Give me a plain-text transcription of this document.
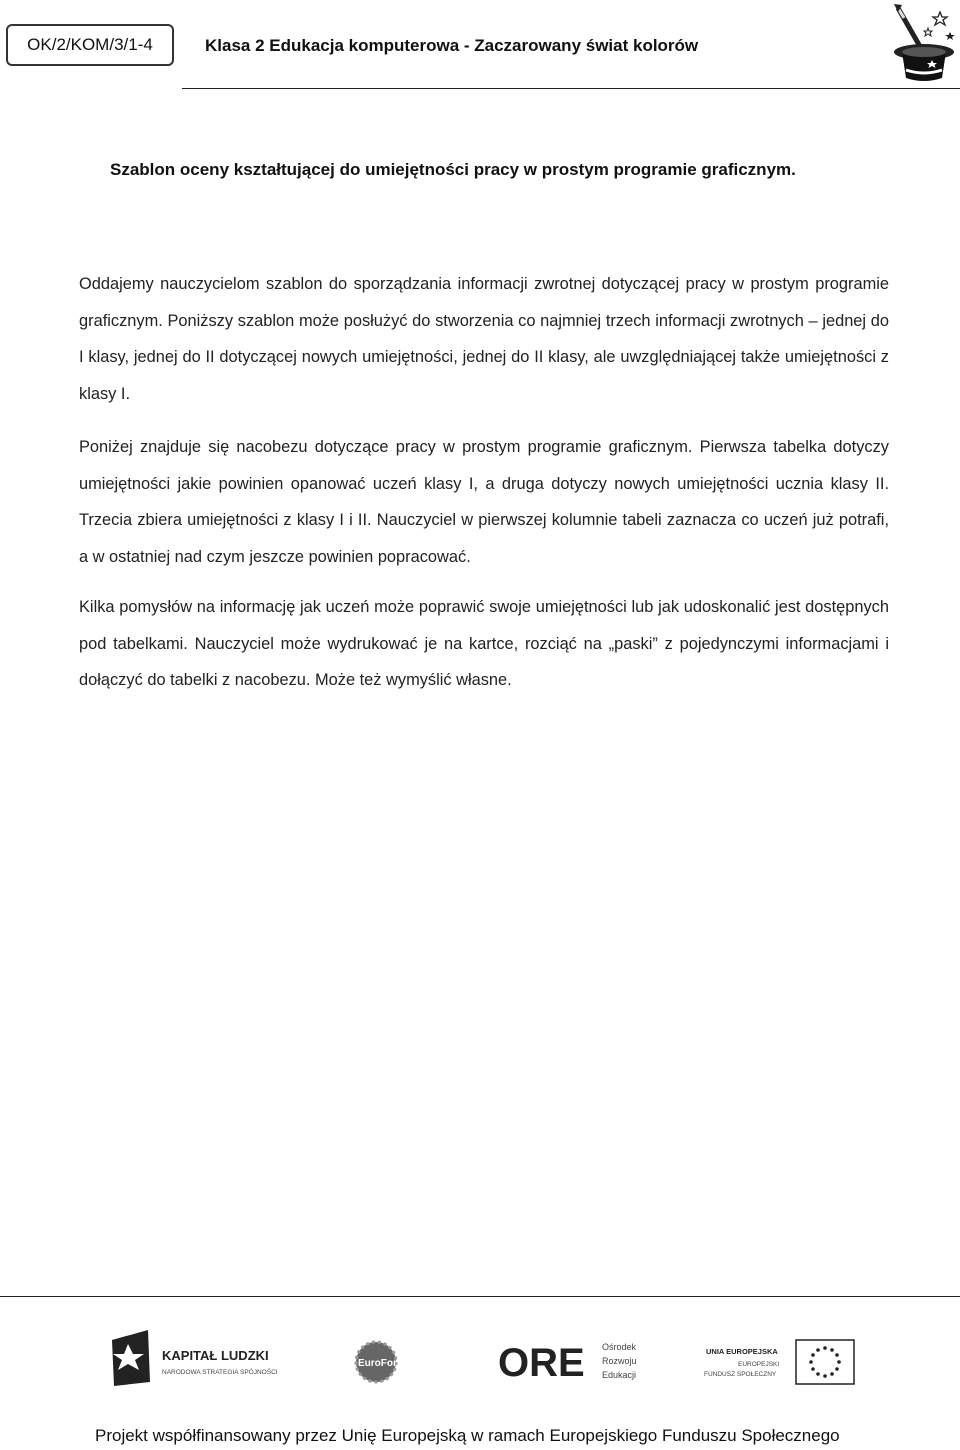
OK/2/KOM/3/1-4	Klasa 2 Edukacja komputerowa - Zaczarowany świat kolorów
Szablon oceny kształtującej do umiejętności pracy w prostym programie graficznym.

Oddajemy nauczycielom szablon do sporządzania informacji zwrotnej dotyczącej pracy w prostym programie graficznym. Poniższy szablon może posłużyć do stworzenia co najmniej trzech informacji zwrotnych – jednej do I klasy, jednej do II dotyczącej nowych umiejętności, jednej do II klasy, ale uwzględniającej także umiejętności z klasy I.

Poniżej znajduje się nacobezu dotyczące pracy w prostym programie graficznym. Pierwsza tabelka dotyczy umiejętności jakie powinien opanować uczeń klasy I, a druga dotyczy nowych umiejętności ucznia klasy II. Trzecia zbiera umiejętności z klasy I i II. Nauczyciel w pierwszej kolumnie tabeli zaznacza co uczeń już potrafi, a w ostatniej nad czym jeszcze powinien popracować.

Kilka pomysłów na informację jak uczeń może poprawić swoje umiejętności lub jak udoskonalić jest dostępnych pod tabelkami. Nauczyciel może wydrukować je na kartce, rozciąć na „paski” z pojedynczymi informacjami i dołączyć do tabelki z nacobezu. Może też wymyślić własne.

KAPITAŁ LUDZKI
NARODOWA STRATEGIA SPÓJNOŚCI
EuroForum ORE Ośrodek
Rozwoju
Edukacji
UNIA EUROPEJSKA
EUROPEJSKI
FUNDUSZ SPOŁECZNY
Projekt współfinansowany przez Unię Europejską w ramach Europejskiego Funduszu Społecznego
